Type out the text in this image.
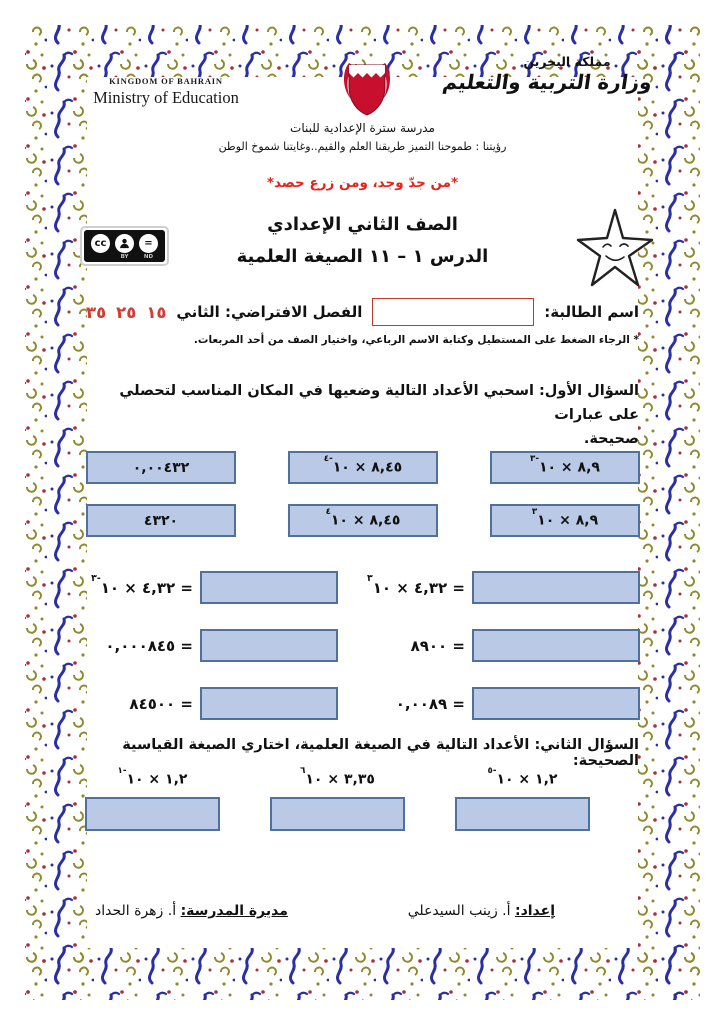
KINGDOM OF BAHRAIN
Ministry of Education
مملكة البحرين
وزارة التربية والتعليم
مدرسة سترة الإعدادية للبنات
رؤيتنا : طموحنا التميز طريقنا العلم والقيم..وغايتنا شموخ الوطن
*من جدّ وجد، ومن زرع حصد*
cc
BY
=
ND
الصف الثاني الإعدادي
الدرس ١ – ١١ الصيغة العلمية
اسم الطالبة:
الفصل الافتراضي: الثاني
١٥
٢٥
٣٥
* الرجاء الضغط على المستطيل وكتابة الاسم الرباعي، واختيار الصف من أحد المربعات.
السؤال الأول: اسحبي الأعداد التالية وضعيها في المكان المناسب لتحصلي على عبارات
صحيحة.
٨,٩ × $١٠^{-٣}$
٨,٤٥ × $١٠^{-٤}$
٠,٠٠٤٣٢
٨,٩ × $١٠^٣$
٨,٤٥ × $١٠^٤$
٤٣٢٠
= ٤,٣٢ × $١٠^٣$
= ٤,٣٢ × $١٠^{-٣}$
= ٨٩٠٠
= ٠,٠٠٠٨٤٥
= ٠,٠٠٨٩
= ٨٤٥٠٠
السؤال الثاني: الأعداد التالية في الصيغة العلمية، اختاري الصيغة القياسية الصحيحة:
١,٢ × $١٠^{-٥}$
٣,٣٥ × $١٠^٦$
١,٢ × $١٠^{-١}$
إعداد: أ. زينب السيدعلي
مديرة المدرسة: أ. زهرة الحداد
